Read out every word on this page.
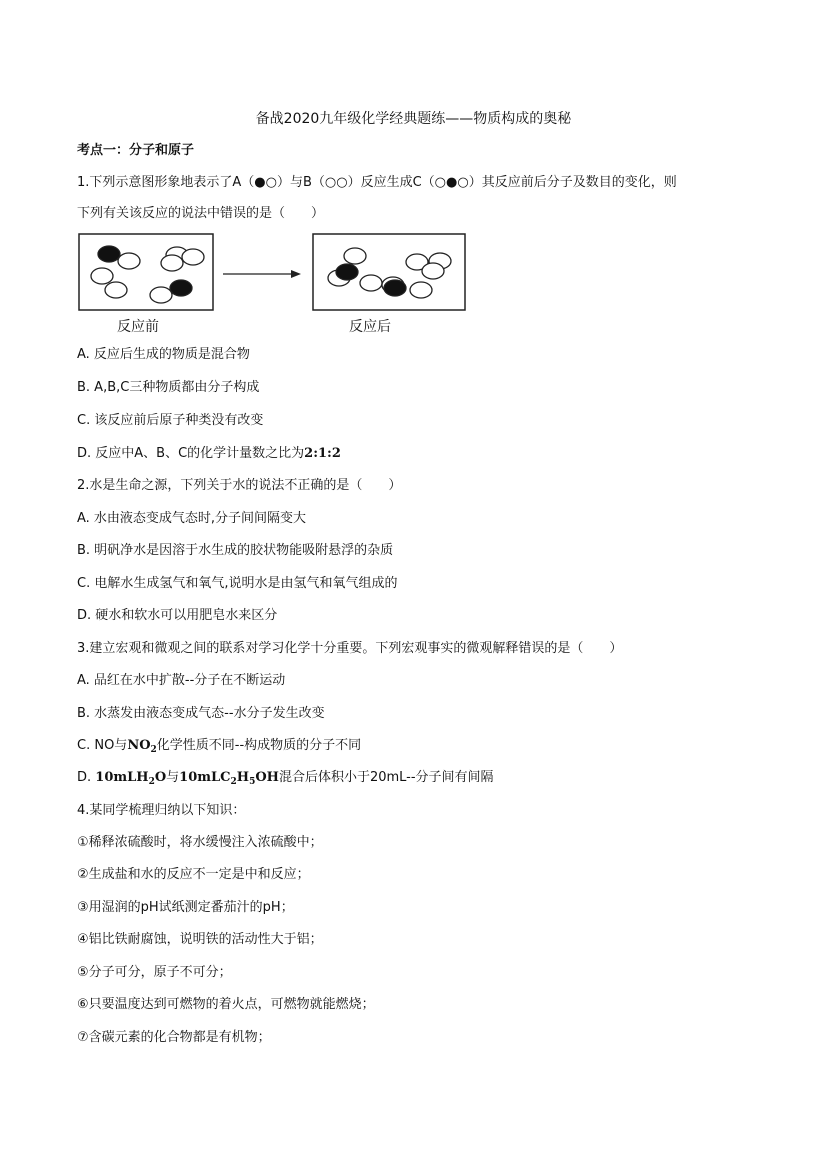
备战2020九年级化学经典题练——物质构成的奥秘
考点一：分子和原子
1.下列示意图形象地表示了A（●○）与B（○○）反应生成C（○●○）其反应前后分子及数目的变化，则
下列有关该反应的说法中错误的是（　　）
反应前	反应后
A. 反应后生成的物质是混合物
B. A,B,C三种物质都由分子构成
C. 该反应前后原子种类没有改变
D. 反应中A、B、C的化学计量数之比为2:1:2
2.水是生命之源，下列关于水的说法不正确的是（　　）
A. 水由液态变成气态时,分子间间隔变大
B. 明矾净水是因溶于水生成的胶状物能吸附悬浮的杂质
C. 电解水生成氢气和氧气,说明水是由氢气和氧气组成的
D. 硬水和软水可以用肥皂水来区分
3.建立宏观和微观之间的联系对学习化学十分重要。下列宏观事实的微观解释错误的是（　　）
A. 品红在水中扩散--分子在不断运动
B. 水蒸发由液态变成气态--水分子发生改变
C. NO与$NO_2$化学性质不同--构成物质的分子不同
D. 10mLH$_2$O与$10mLC_2H_5OH$混合后体积小于20mL--分子间有间隔
4.某同学梳理归纳以下知识：
①稀释浓硫酸时，将水缓慢注入浓硫酸中；
②生成盐和水的反应不一定是中和反应；
③用湿润的pH试纸测定番茄汁的pH；
④铝比铁耐腐蚀，说明铁的活动性大于铝；
⑤分子可分，原子不可分；
⑥只要温度达到可燃物的着火点，可燃物就能燃烧；
⑦含碳元素的化合物都是有机物；
